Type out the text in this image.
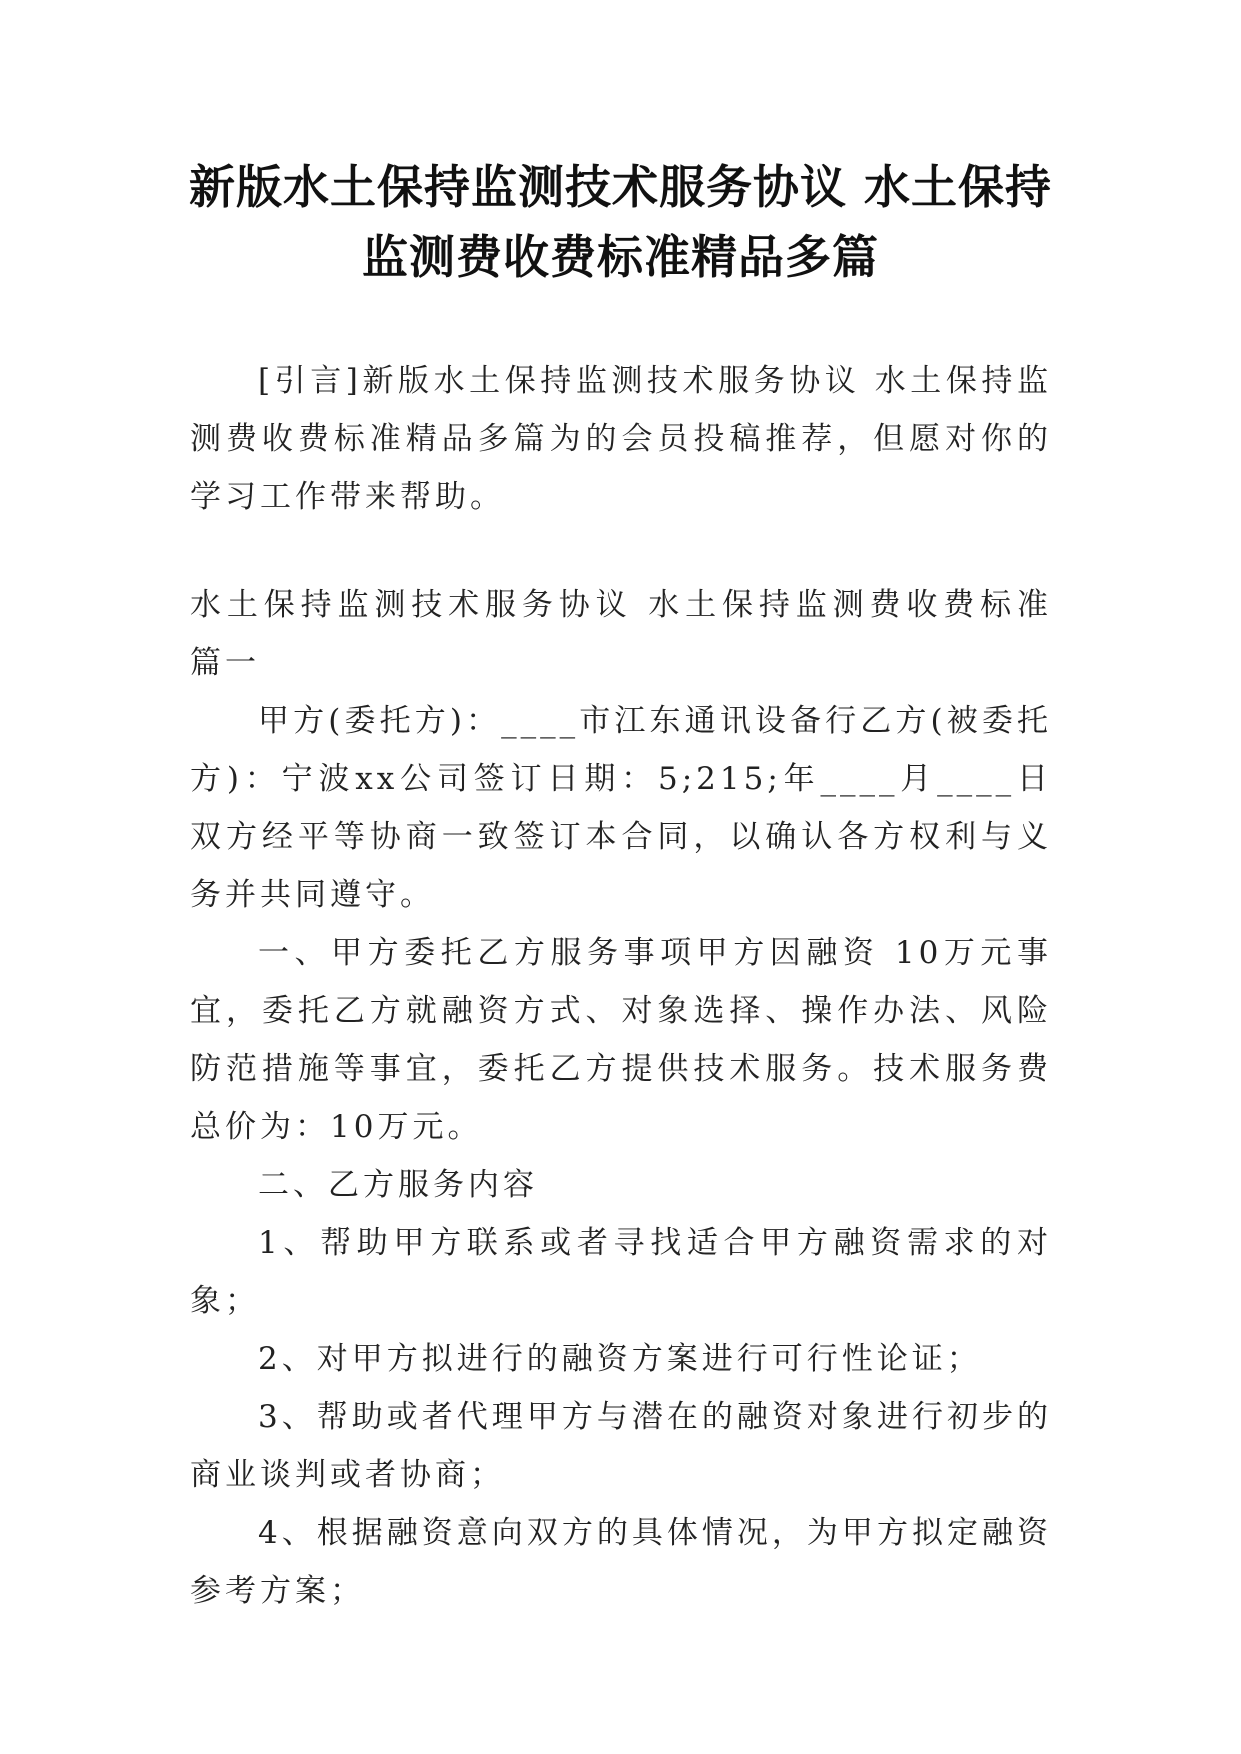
新版水土保持监测技术服务协议 水土保持
监测费收费标准精品多篇

[引言]新版水土保持监测技术服务协议 水土保持监测费收费标准精品多篇为的会员投稿推荐，但愿对你的学习工作带来帮助。

水土保持监测技术服务协议 水土保持监测费收费标准 篇一

甲方(委托方)：____市江东通讯设备行乙方(被委托方)：宁波xx公司签订日期：5;215;年____月____日双方经平等协商一致签订本合同，以确认各方权利与义务并共同遵守。

一、甲方委托乙方服务事项甲方因融资 10万元事宜，委托乙方就融资方式、对象选择、操作办法、风险防范措施等事宜，委托乙方提供技术服务。技术服务费总价为：10万元。

二、乙方服务内容

1、帮助甲方联系或者寻找适合甲方融资需求的对象；

2、对甲方拟进行的融资方案进行可行性论证；

3、帮助或者代理甲方与潜在的融资对象进行初步的商业谈判或者协商；

4、根据融资意向双方的具体情况，为甲方拟定融资参考方案；
